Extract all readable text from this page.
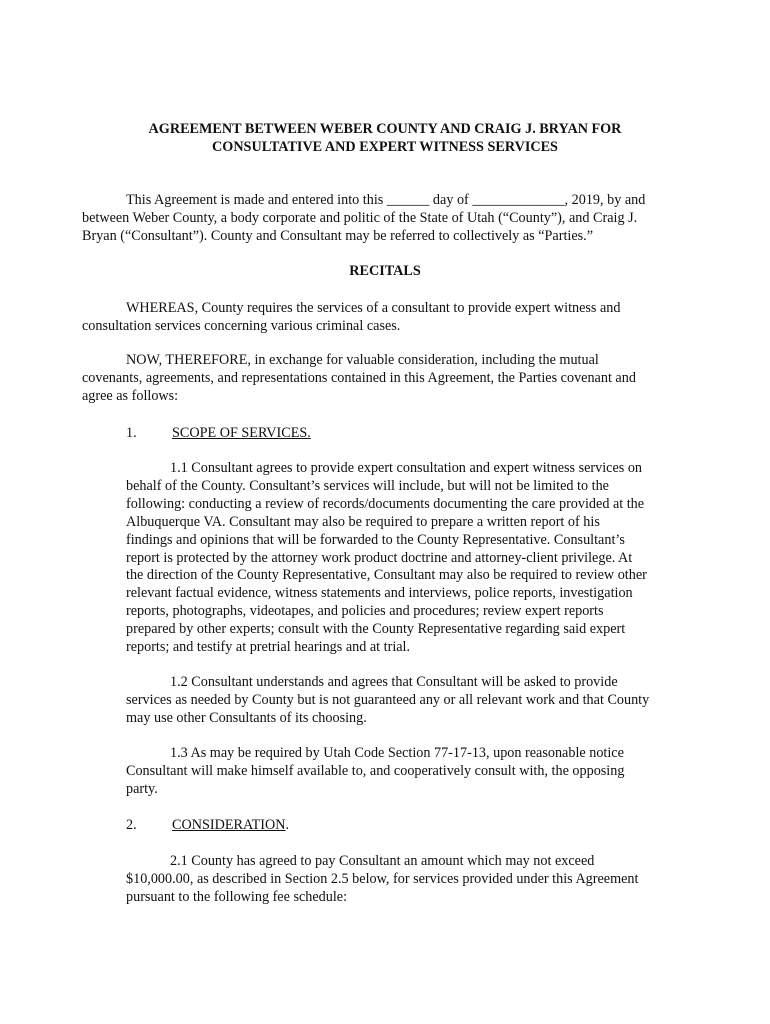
AGREEMENT BETWEEN WEBER COUNTY AND CRAIG J. BRYAN FOR
CONSULTATIVE AND EXPERT WITNESS SERVICES
This Agreement is made and entered into this ______ day of _____________, 2019, by and
between Weber County, a body corporate and politic of the State of Utah (“County”), and Craig J.
Bryan (“Consultant”). County and Consultant may be referred to collectively as “Parties.”
RECITALS
WHEREAS, County requires the services of a consultant to provide expert witness and
consultation services concerning various criminal cases.
NOW, THEREFORE, in exchange for valuable consideration, including the mutual
covenants, agreements, and representations contained in this Agreement, the Parties covenant and
agree as follows:
1. SCOPE OF SERVICES.
1.1 Consultant agrees to provide expert consultation and expert witness services on
behalf of the County. Consultant’s services will include, but will not be limited to the
following: conducting a review of records/documents documenting the care provided at the
Albuquerque VA. Consultant may also be required to prepare a written report of his
findings and opinions that will be forwarded to the County Representative. Consultant’s
report is protected by the attorney work product doctrine and attorney-client privilege. At
the direction of the County Representative, Consultant may also be required to review other
relevant factual evidence, witness statements and interviews, police reports, investigation
reports, photographs, videotapes, and policies and procedures; review expert reports
prepared by other experts; consult with the County Representative regarding said expert
reports; and testify at pretrial hearings and at trial.
1.2 Consultant understands and agrees that Consultant will be asked to provide
services as needed by County but is not guaranteed any or all relevant work and that County
may use other Consultants of its choosing.
1.3 As may be required by Utah Code Section 77-17-13, upon reasonable notice
Consultant will make himself available to, and cooperatively consult with, the opposing
party.
2. CONSIDERATION.
2.1 County has agreed to pay Consultant an amount which may not exceed
$10,000.00, as described in Section 2.5 below, for services provided under this Agreement
pursuant to the following fee schedule:
